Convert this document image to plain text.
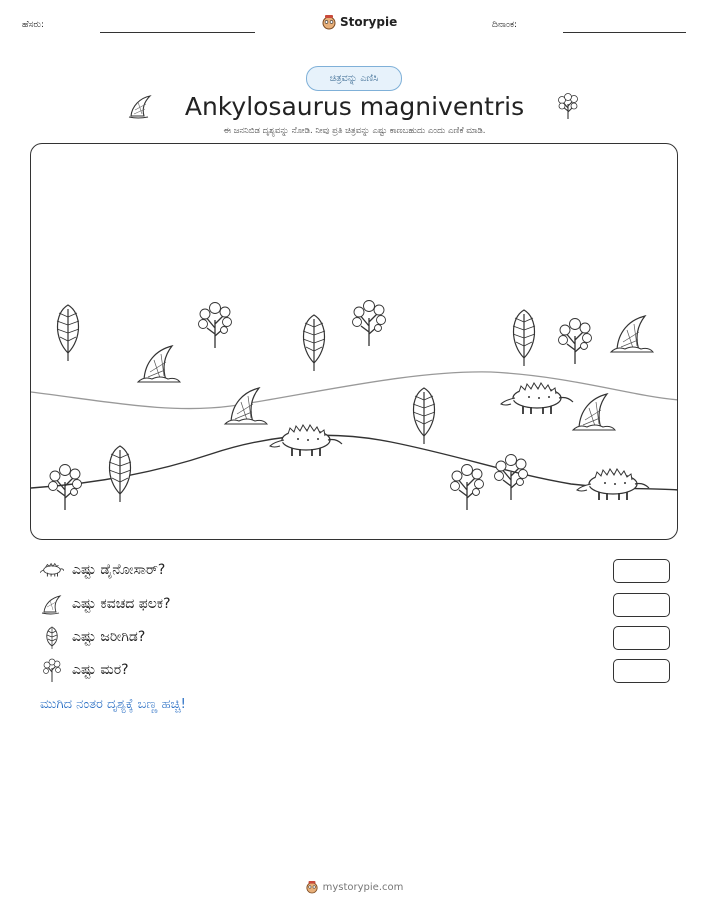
ಹೆಸರು:	Storypie	ದಿನಾಂಕ:
ಚಿತ್ರವನ್ನು ಎಣಿಸಿ
Ankylosaurus magniventris
ಈ ಜನನಿಬಿಡ ದೃಶ್ಯವನ್ನು ನೋಡಿ. ನೀವು ಪ್ರತಿ ಚಿತ್ರವನ್ನು ಎಷ್ಟು ಕಾಣಬಹುದು ಎಂದು ಎಣಿಕೆ ಮಾಡಿ.
ಎಷ್ಟು ಡೈನೋಸಾರ್?
ಎಷ್ಟು ಕವಚದ ಫಲಕ?
ಎಷ್ಟು ಜರೀಗಿಡ?
ಎಷ್ಟು ಮರ?
ಮುಗಿದ ನಂತರ ದೃಶ್ಯಕ್ಕೆ ಬಣ್ಣ ಹಚ್ಚಿ!
mystorypie.com
